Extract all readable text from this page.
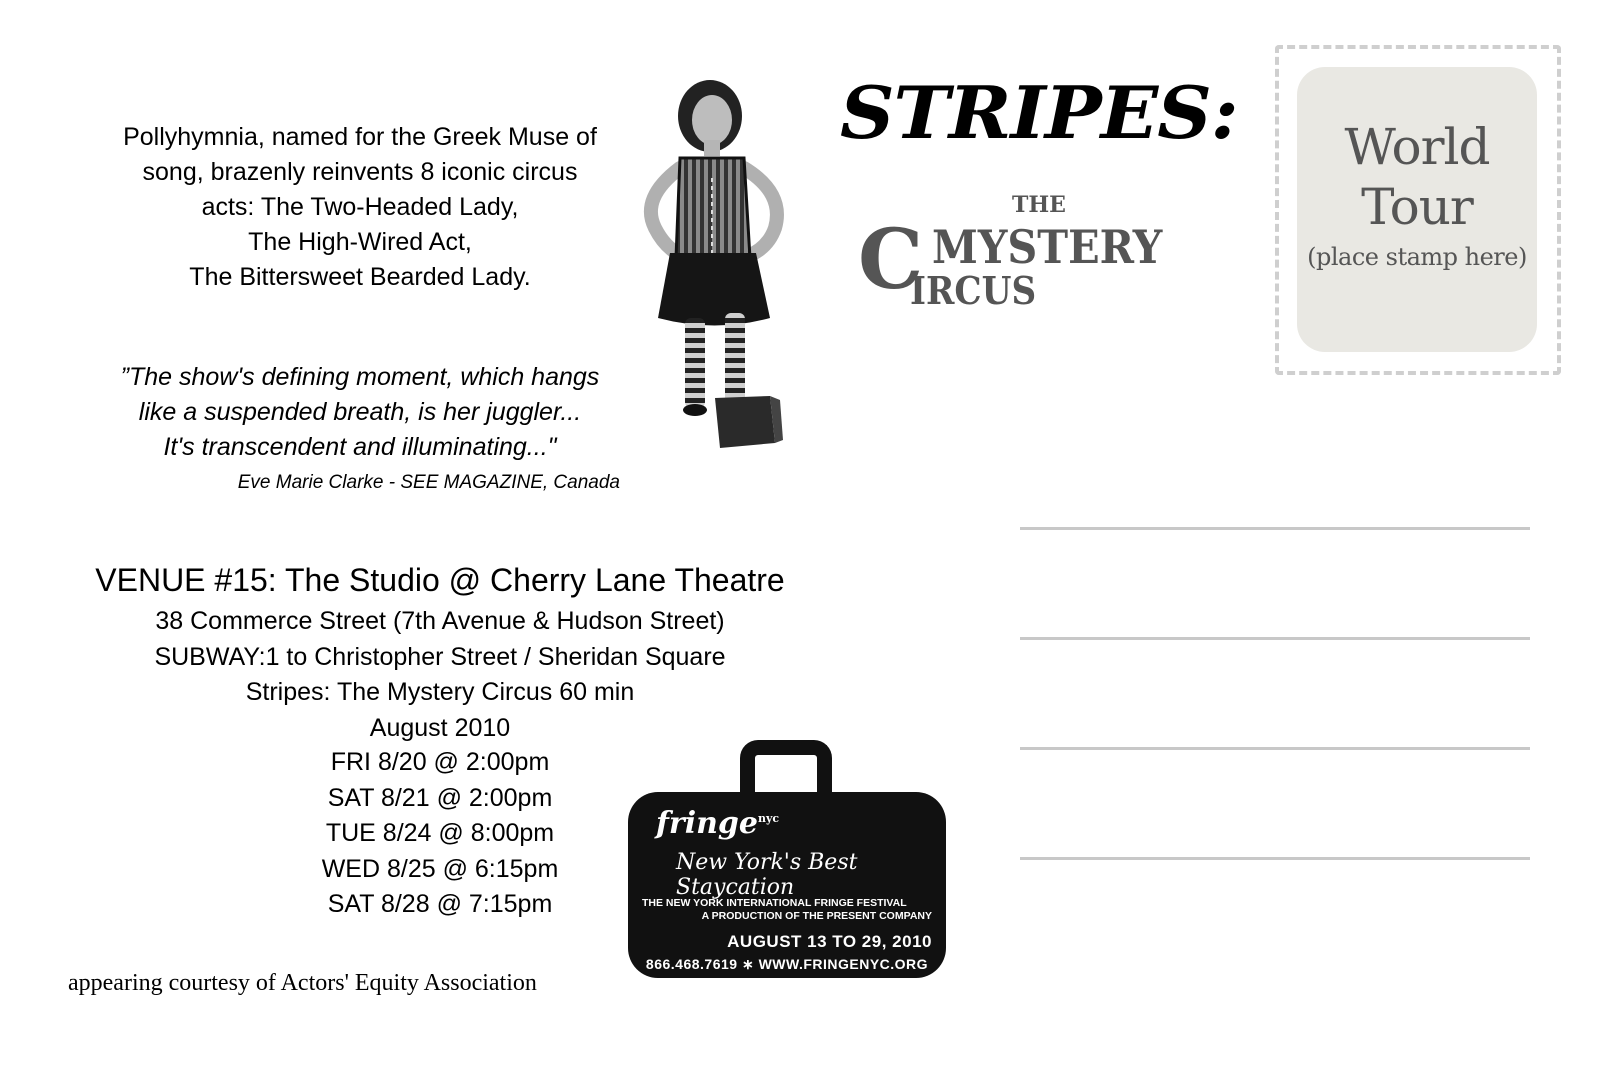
Pollyhymnia, named for the Greek Muse of
song, brazenly reinvents 8 iconic circus
acts: The Two-Headed Lady,
The High-Wired Act,
The Bittersweet Bearded Lady.
”The show's defining moment, which hangs
like a suspended breath, is her juggler...
It's transcendent and illuminating..."
Eve Marie Clarke - SEE MAGAZINE, Canada
VENUE #15: The Studio @ Cherry Lane Theatre
38 Commerce Street (7th Avenue & Hudson Street)
SUBWAY:1 to Christopher Street / Sheridan Square
Stripes: The Mystery Circus 60 min
August 2010
FRI 8/20 @ 2:00pm
SAT 8/21 @ 2:00pm
TUE 8/24 @ 8:00pm
WED 8/25 @ 6:15pm
SAT 8/28 @ 7:15pm
appearing courtesy of Actors' Equity Association
STRIPES:
THE
C MYSTERY
IRCUS
World
Tour
(place stamp here)
fringe$^{nyc}$
New York's Best Staycation
THE NEW YORK INTERNATIONAL FRINGE FESTIVAL
A PRODUCTION OF THE PRESENT COMPANY
AUGUST 13 TO 29, 2010
866.468.7619 ∗ WWW.FRINGENYC.ORG
